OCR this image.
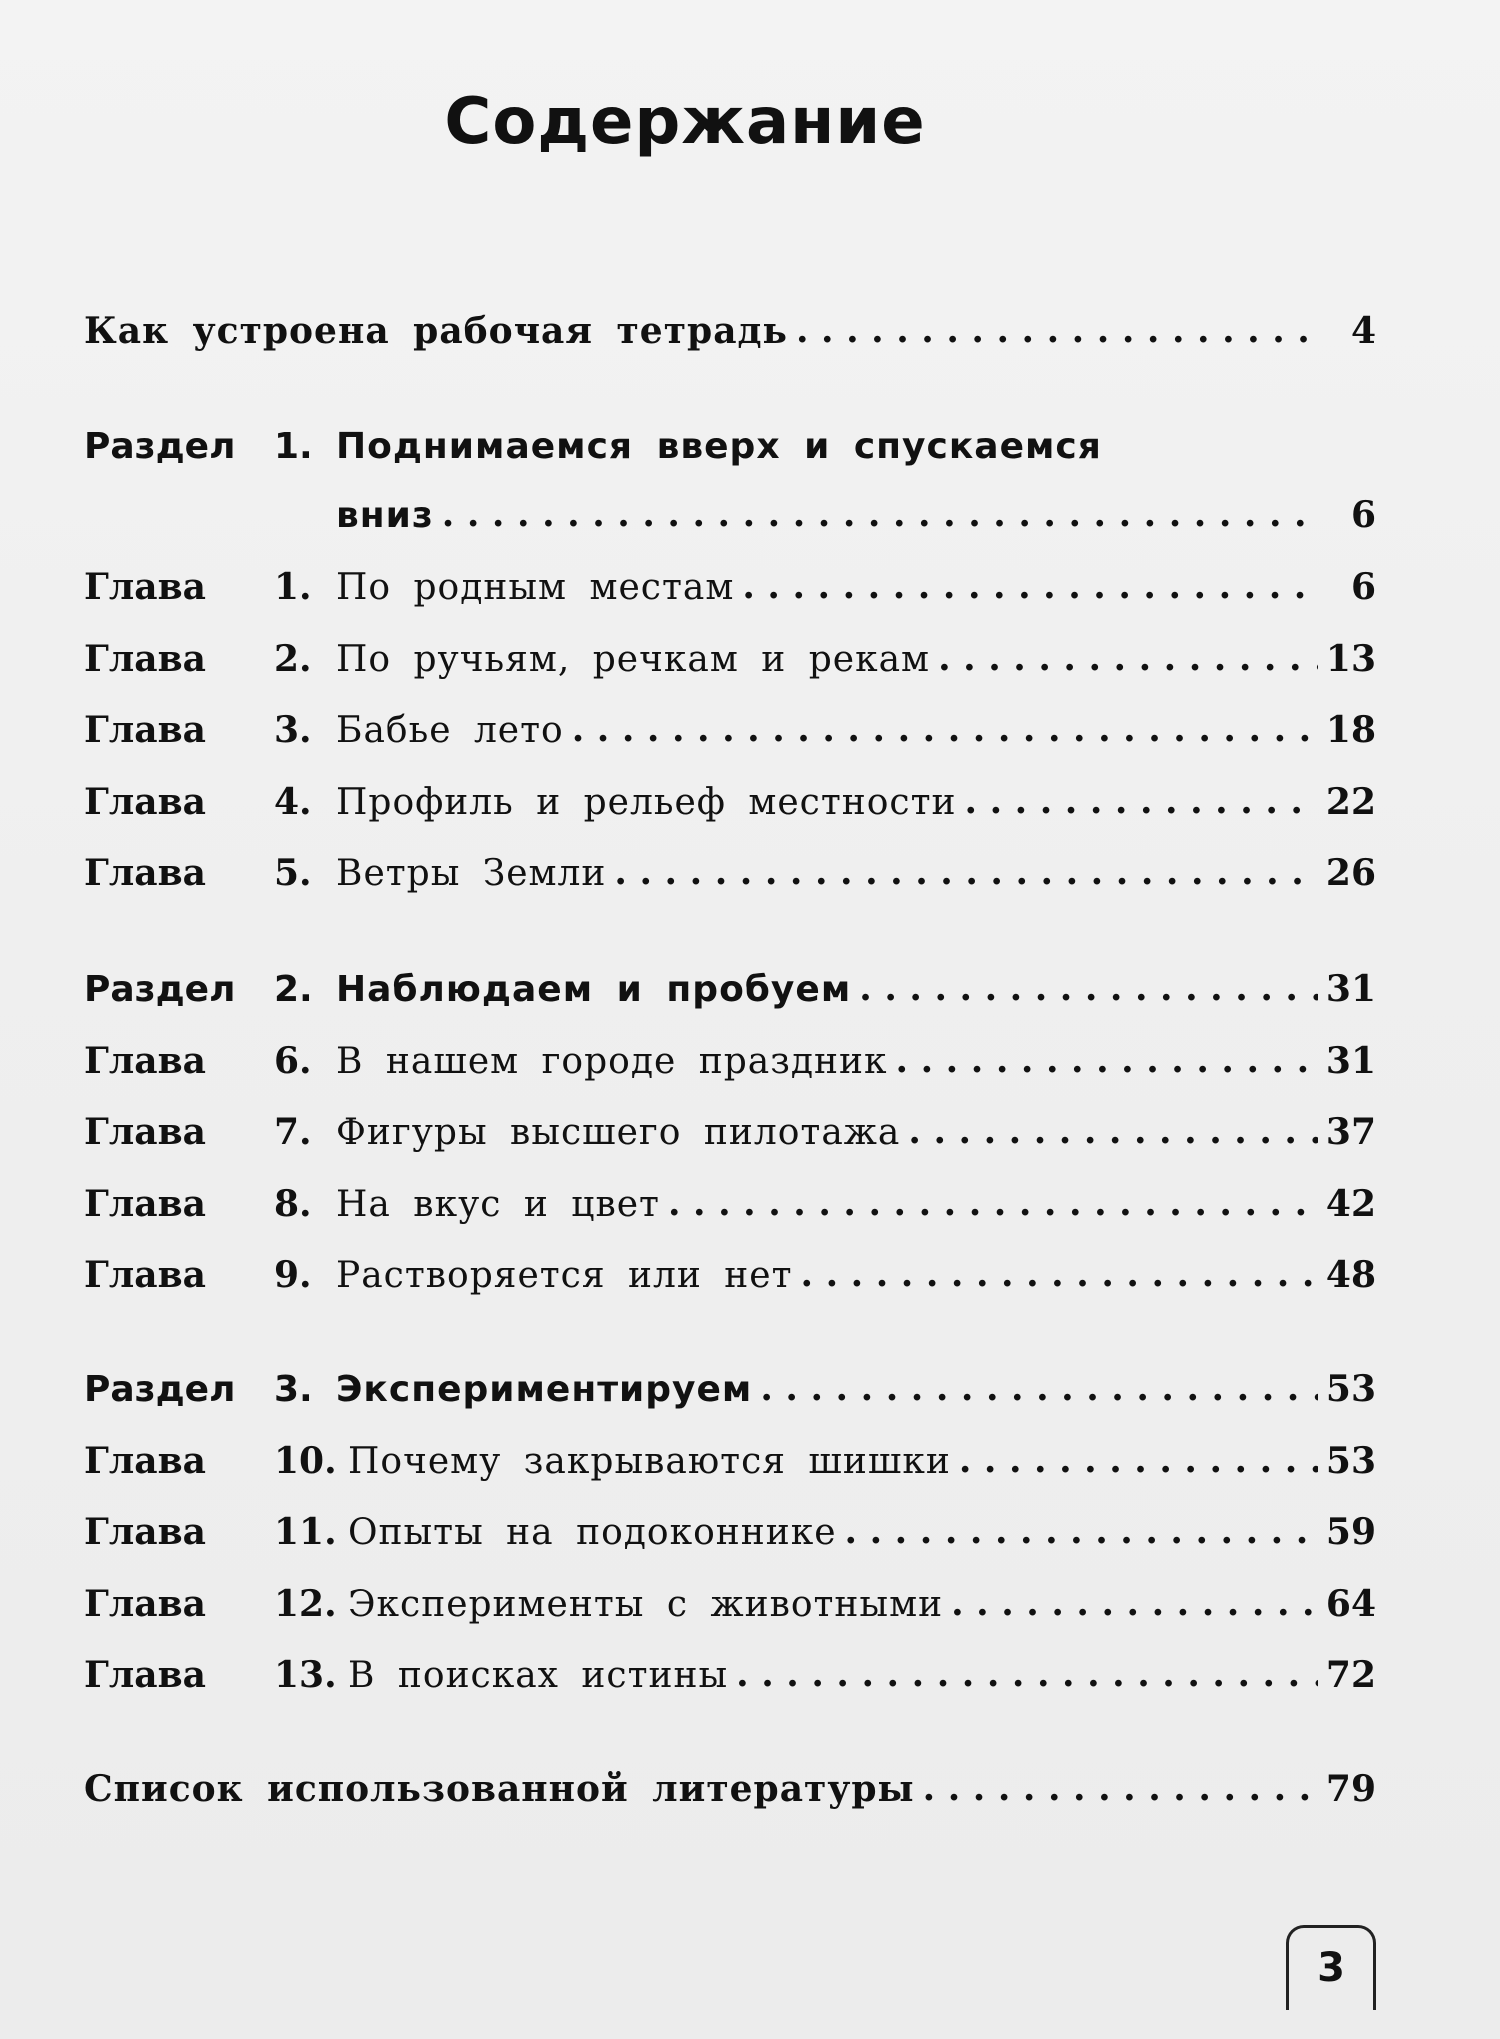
Содержание
Как устроена рабочая тетрадь . . .	4
Раздел	1. Поднимаемся вверх и спускаемся
вниз . . .	6
Глава	1. По родным местам . . .	6
Глава	2. По ручьям, речкам и рекам . . .	13
Глава	3. Бабье лето . . .	18
Глава	4. Профиль и рельеф местности . . .	22
Глава	5. Ветры Земли . . .	26
Раздел	2. Наблюдаем и пробуем . . .	31
Глава	6. В нашем городе праздник . . .	31
Глава	7. Фигуры высшего пилотажа . . .	37
Глава	8. На вкус и цвет . . .	42
Глава	9. Растворяется или нет . . .	48
Раздел	3. Экспериментируем . . .	53
Глава	10. Почему закрываются шишки . . .	53
Глава	11. Опыты на подоконнике . . .	59
Глава	12. Эксперименты с животными . . .	64
Глава	13. В поисках истины . . .	72
Список использованной литературы . . .	79
3
